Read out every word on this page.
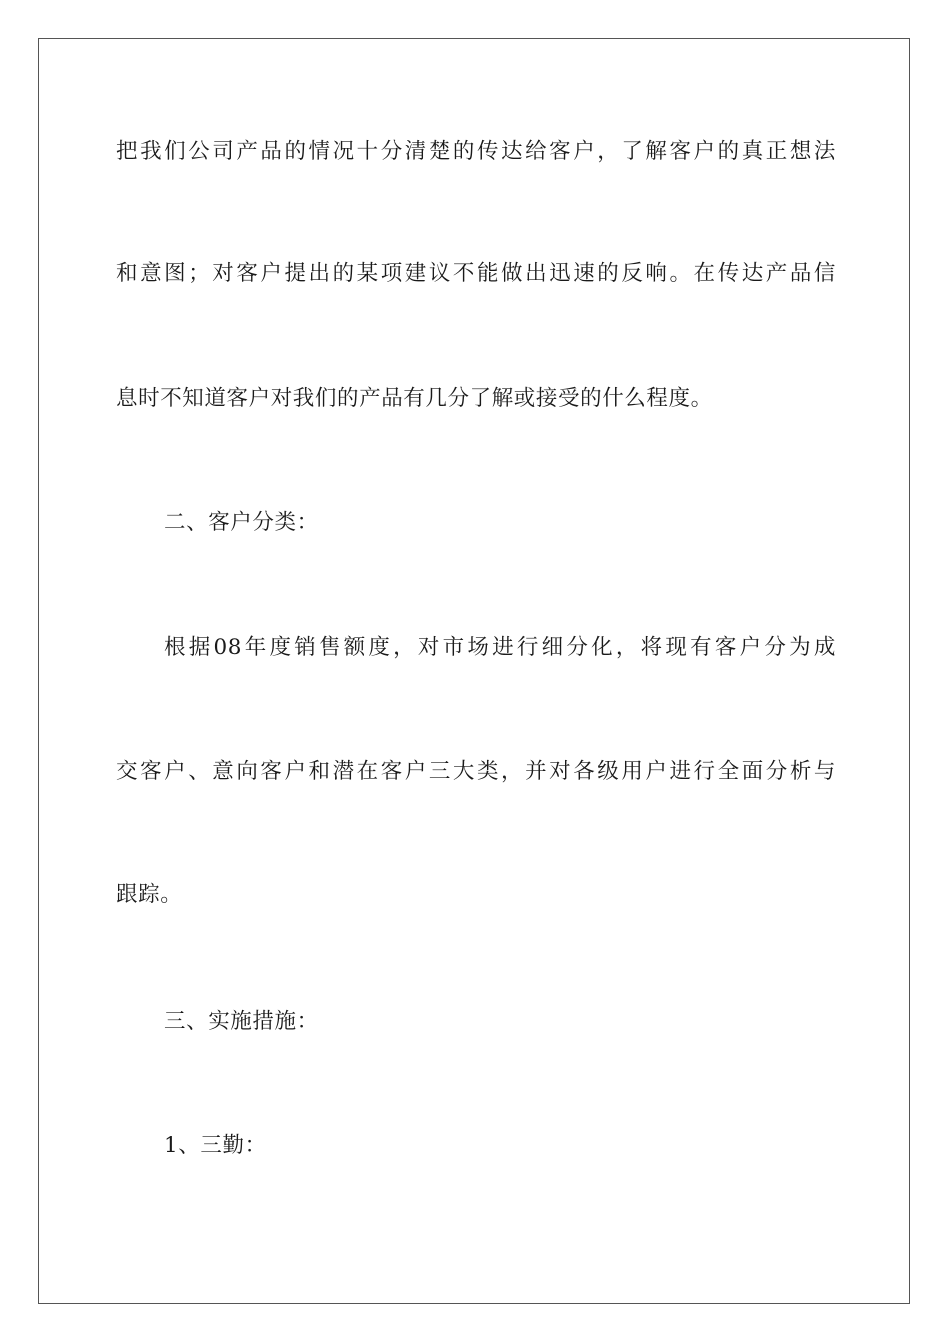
把我们公司产品的情况十分清楚的传达给客户，了解客户的真正想法
和意图；对客户提出的某项建议不能做出迅速的反响。在传达产品信
息时不知道客户对我们的产品有几分了解或接受的什么程度。
二、客户分类：
根据08年度销售额度，对市场进行细分化，将现有客户分为成
交客户、意向客户和潜在客户三大类，并对各级用户进行全面分析与
跟踪。
三、实施措施：
1、三勤：
